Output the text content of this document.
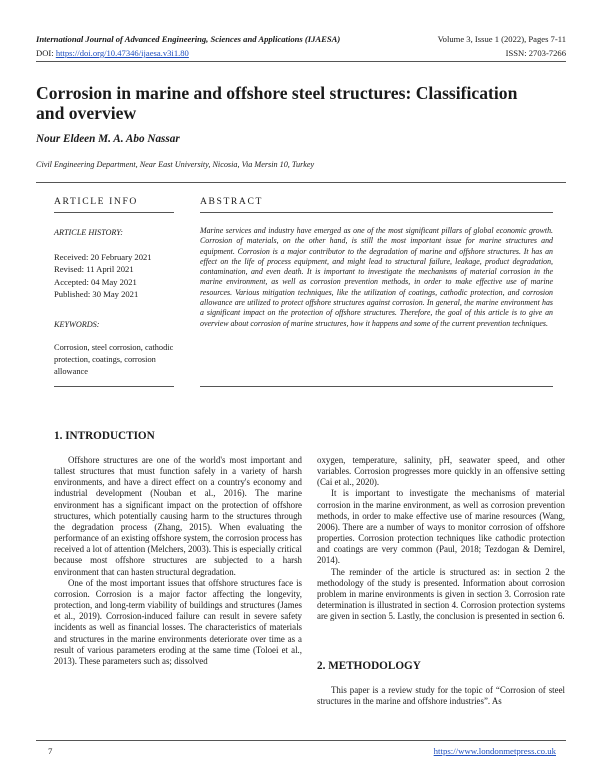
International Journal of Advanced Engineering, Sciences and Applications (IJAESA)	Volume 3, Issue 1 (2022), Pages 7-11
DOI: https://doi.org/10.47346/ijaesa.v3i1.80	ISSN: 2703-7266
Corrosion in marine and offshore steel structures: Classification and overview
Nour Eldeen M. A. Abo Nassar
Civil Engineering Department, Near East University, Nicosia, Via Mersin 10, Turkey
ARTICLE INFO
ARTICLE HISTORY:
Received: 20 February 2021
Revised: 11 April 2021
Accepted: 04 May 2021
Published: 30 May 2021
KEYWORDS:
Corrosion, steel corrosion, cathodic protection, coatings, corrosion allowance
ABSTRACT

Marine services and industry have emerged as one of the most significant pillars of global economic growth. Corrosion of materials, on the other hand, is still the most important issue for marine structures and equipment. Corrosion is a major contributor to the degradation of marine and offshore structures. It has an effect on the life of process equipment, and might lead to structural failure, leakage, product degradation, contamination, and even death. It is important to investigate the mechanisms of material corrosion in the marine environment, as well as corrosion prevention methods, in order to make effective use of marine resources. Various mitigation techniques, like the utilization of coatings, cathodic protection, and corrosion allowance are utilized to protect offshore structures against corrosion. In general, the marine environment has a significant impact on the protection of offshore structures. Therefore, the goal of this article is to give an overview about corrosion of marine structures, how it happens and some of the current prevention techniques.

1. INTRODUCTION

Offshore structures are one of the world's most important and tallest structures that must function safely in a variety of harsh environments, and have a direct effect on a country's economy and industrial development (Nouban et al., 2016). The marine environment has a significant impact on the protection of offshore structures, which potentially causing harm to the structures through the degradation process (Zhang, 2015). When evaluating the performance of an existing offshore system, the corrosion process has received a lot of attention (Melchers, 2003). This is especially critical because most offshore structures are subjected to a harsh environment that can hasten structural degradation.

One of the most important issues that offshore structures face is corrosion. Corrosion is a major factor affecting the longevity, protection, and long-term viability of buildings and structures (James et al., 2019). Corrosion-induced failure can result in severe safety incidents as well as financial losses. The characteristics of materials and structures in the marine environments deteriorate over time as a result of various parameters eroding at the same time (Toloei et al., 2013). These parameters such as; dissolved

oxygen, temperature, salinity, pH, seawater speed, and other variables. Corrosion progresses more quickly in an offensive setting (Cai et al., 2020).

It is important to investigate the mechanisms of material corrosion in the marine environment, as well as corrosion prevention methods, in order to make effective use of marine resources (Wang, 2006). There are a number of ways to monitor corrosion of offshore properties. Corrosion protection techniques like cathodic protection and coatings are very common (Paul, 2018; Tezdogan & Demirel, 2014).

The reminder of the article is structured as: in section 2 the methodology of the study is presented. Information about corrosion problem in marine environments is given in section 3. Corrosion rate determination is illustrated in section 4. Corrosion protection systems are given in section 5. Lastly, the conclusion is presented in section 6.

2. METHODOLOGY

This paper is a review study for the topic of “Corrosion of steel structures in the marine and offshore industries”. As

7	https://www.londonmetpress.co.uk
